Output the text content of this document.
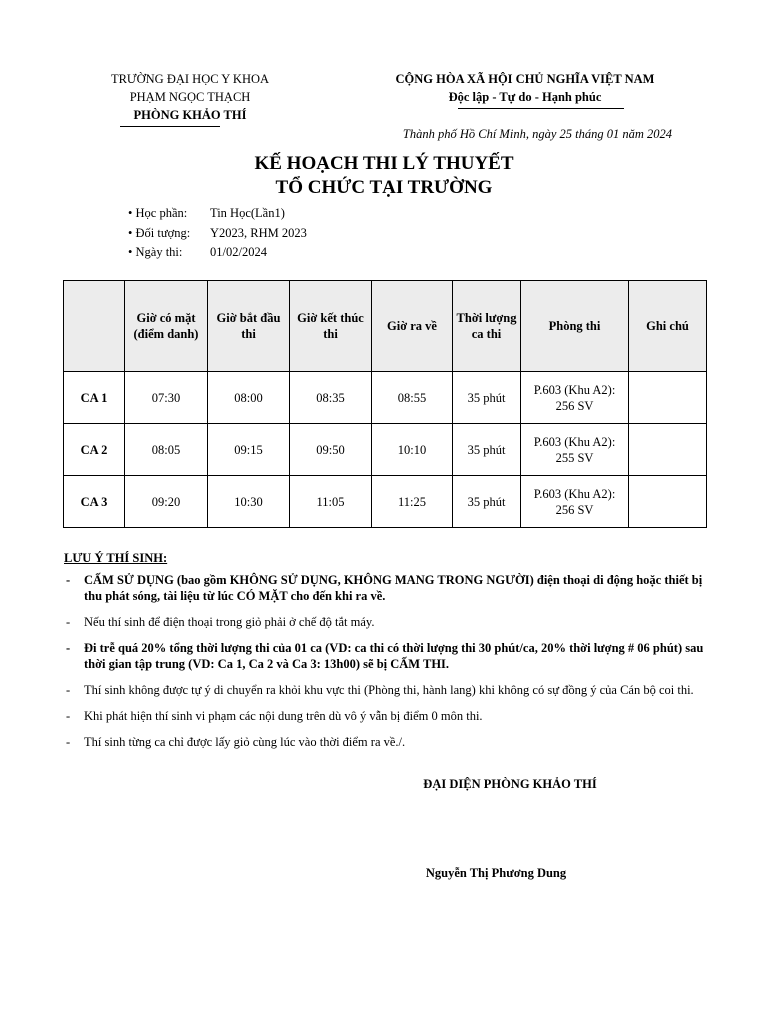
TRƯỜNG ĐẠI HỌC Y KHOA
PHẠM NGỌC THẠCH
PHÒNG KHẢO THÍ
CỘNG HÒA XÃ HỘI CHỦ NGHĨA VIỆT NAM
Độc lập - Tự do - Hạnh phúc
Thành phố Hồ Chí Minh, ngày 25 tháng 01 năm 2024
KẾ HOẠCH THI LÝ THUYẾT
TỔ CHỨC TẠI TRƯỜNG
• Học phần:	Tin Học(Lần1)
• Đối tượng:	Y2023, RHM 2023
• Ngày thi:	01/02/2024
	Giờ có mặt (điểm danh)	Giờ bắt đầu thi	Giờ kết thúc thi	Giờ ra về	Thời lượng ca thi	Phòng thi	Ghi chú
CA 1	07:30	08:00	08:35	08:55	35 phút	P.603 (Khu A2): 256 SV	
CA 2	08:05	09:15	09:50	10:10	35 phút	P.603 (Khu A2): 255 SV	
CA 3	09:20	10:30	11:05	11:25	35 phút	P.603 (Khu A2): 256 SV	
LƯU Ý THÍ SINH:
- CẤM SỬ DỤNG (bao gồm KHÔNG SỬ DỤNG, KHÔNG MANG TRONG NGƯỜI) điện thoại di động hoặc thiết bị thu phát sóng, tài liệu từ lúc CÓ MẶT cho đến khi ra về.
- Nếu thí sinh để điện thoại trong giỏ phải ở chế độ tắt máy.
- Đi trễ quá 20% tổng thời lượng thi của 01 ca (VD: ca thi có thời lượng thi 30 phút/ca, 20% thời lượng # 06 phút) sau thời gian tập trung (VD: Ca 1, Ca 2 và Ca 3: 13h00) sẽ bị CẤM THI.
- Thí sinh không được tự ý di chuyển ra khỏi khu vực thi (Phòng thi, hành lang) khi không có sự đồng ý của Cán bộ coi thi.
- Khi phát hiện thí sinh vi phạm các nội dung trên dù vô ý vẫn bị điểm 0 môn thi.
- Thí sinh từng ca chỉ được lấy giỏ cùng lúc vào thời điểm ra về./.
ĐẠI DIỆN PHÒNG KHẢO THÍ
Nguyễn Thị Phương Dung
